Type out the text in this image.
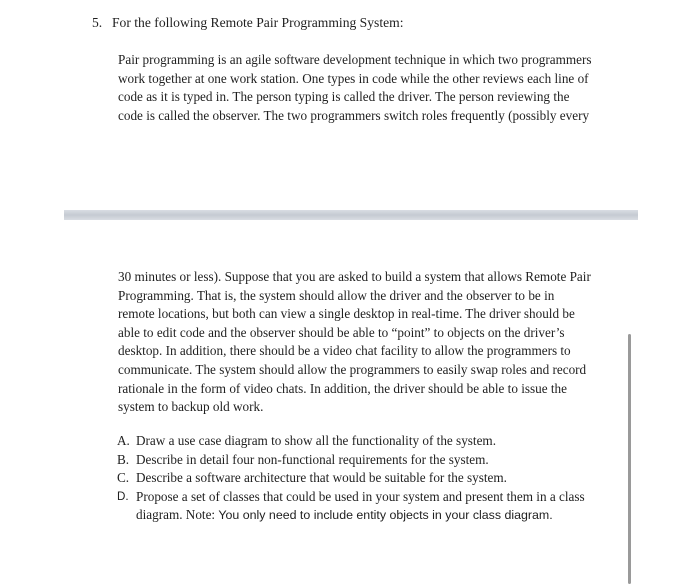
5. For the following Remote Pair Programming System:
Pair programming is an agile software development technique in which two programmers
work together at one work station. One types in code while the other reviews each line of
code as it is typed in. The person typing is called the driver. The person reviewing the
code is called the observer. The two programmers switch roles frequently (possibly every
30 minutes or less). Suppose that you are asked to build a system that allows Remote Pair
Programming. That is, the system should allow the driver and the observer to be in
remote locations, but both can view a single desktop in real-time. The driver should be
able to edit code and the observer should be able to “point” to objects on the driver’s
desktop. In addition, there should be a video chat facility to allow the programmers to
communicate. The system should allow the programmers to easily swap roles and record
rationale in the form of video chats. In addition, the driver should be able to issue the
system to backup old work.
A. Draw a use case diagram to show all the functionality of the system.
B. Describe in detail four non-functional requirements for the system.
C. Describe a software architecture that would be suitable for the system.
D. Propose a set of classes that could be used in your system and present them in a class
diagram. Note: You only need to include entity objects in your class diagram.
